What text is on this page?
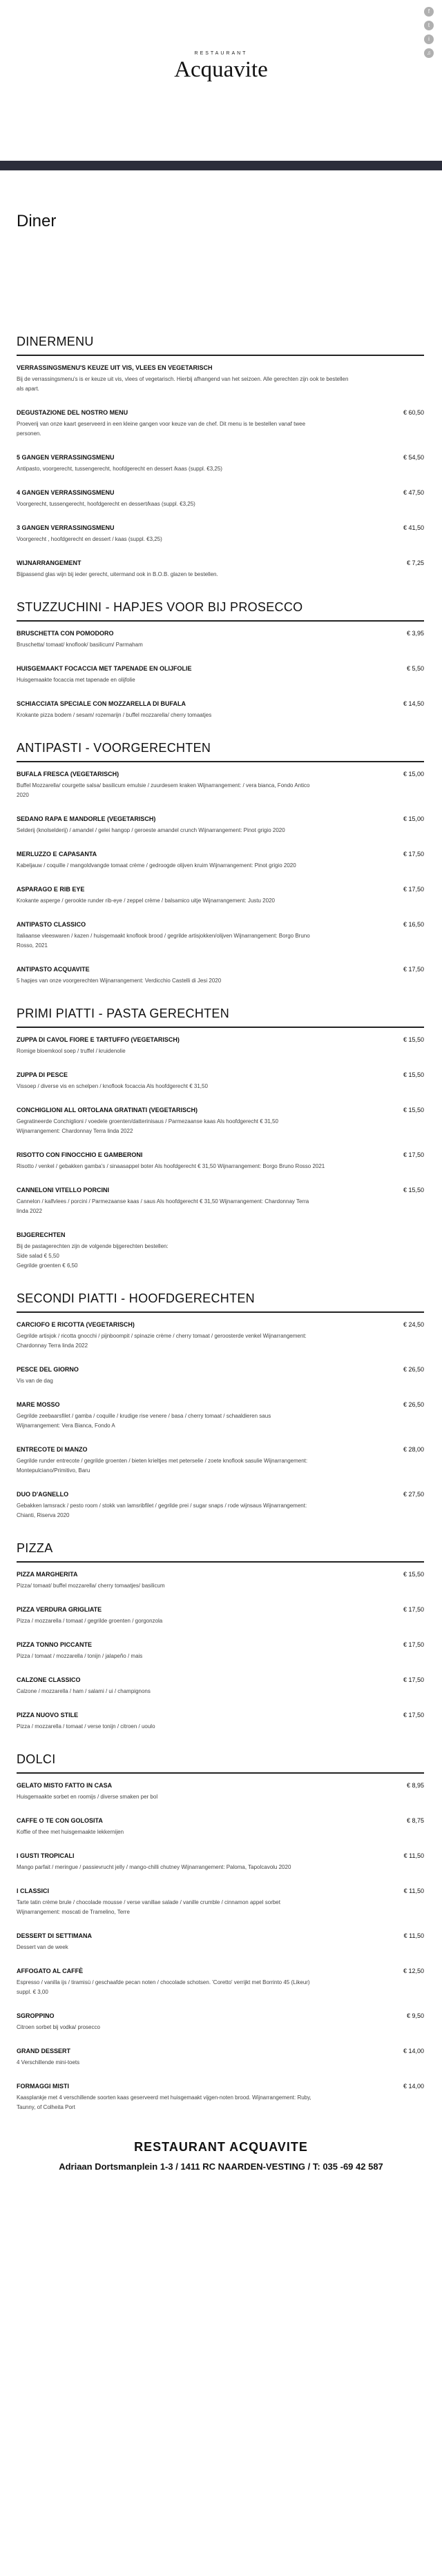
f
t
i
♫
RESTAURANT
Acquavite
Diner
DINERMENU
VERRASSINGSMENU'S KEUZE UIT VIS, VLEES EN VEGETARISCH
Bij de verrassingsmenu's is er keuze uit vis, vlees of vegetarisch. Hierbij afhangend van het seizoen. Alle gerechten zijn ook te bestellen
als apart.
DEGUSTAZIONE DEL NOSTRO MENU	€ 60,50
Proeverij van onze kaart geserveerd in een kleine gangen voor keuze van de chef. Dit menu is te bestellen vanaf twee
personen.
5 GANGEN VERRASSINGSMENU	€ 54,50
Antipasto, voorgerecht, tussengerecht, hoofdgerecht en dessert /kaas (suppl. €3,25)
4 GANGEN VERRASSINGSMENU	€ 47,50
Voorgerecht, tussengerecht, hoofdgerecht en dessert/kaas (suppl. €3,25)
3 GANGEN VERRASSINGSMENU	€ 41,50
Voorgerecht , hoofdgerecht en dessert / kaas (suppl. €3,25)
WIJNARRANGEMENT	€ 7,25
Bijpassend glas wijn bij ieder gerecht, uitermand ook in B.O.B. glazen te bestellen.
STUZZUCHINI - HAPJES VOOR BIJ PROSECCO
BRUSCHETTA CON POMODORO	€ 3,95
Bruschetta/ tomaat/ knoflook/ basilicum/ Parmaham
HUISGEMAAKT FOCACCIA MET TAPENADE EN OLIJFOLIE	€ 5,50
Huisgemaakte focaccia met tapenade en olijfolie
SCHIACCIATA SPECIALE CON MOZZARELLA DI BUFALA	€ 14,50
Krokante pizza bodem / sesam/ rozemarijn / buffel mozzarella/ cherry tomaatjes
ANTIPASTI - VOORGERECHTEN
BUFALA FRESCA (VEGETARISCH)	€ 15,00
Buffel Mozzarella/ courgette salsa/ basilicum emulsie / zuurdesem kraken Wijnarrangement: / vera bianca, Fondo Antico
2020
SEDANO RAPA E MANDORLE (VEGETARISCH)	€ 15,00
Selderij (knolselderij) / amandel / gelei hangop / geroeste amandel crunch Wijnarrangement: Pinot grigio 2020
MERLUZZO E CAPASANTA	€ 17,50
Kabeljauw / coquille / mangoldvangde tomaat crème / gedroogde olijven kruim Wijnarrangement: Pinot grigio 2020
ASPARAGO E RIB EYE	€ 17,50
Krokante asperge / gerookte runder rib-eye / zeppel crème / balsamico uitje Wijnarrangement: Justu 2020
ANTIPASTO CLASSICO	€ 16,50
Italiaanse vleeswaren / kazen / huisgemaakt knoflook brood / gegrilde artisjokken/olijven Wijnarrangement: Borgo Bruno
Rosso, 2021
ANTIPASTO ACQUAVITE	€ 17,50
5 hapjes van onze voorgerechten Wijnarrangement: Verdicchio Castelli di Jesi 2020
PRIMI PIATTI - PASTA GERECHTEN
ZUPPA DI CAVOL FIORE E TARTUFFO (VEGETARISCH)	€ 15,50
Romige bloemkool soep / truffel / kruidenolie
ZUPPA DI PESCE	€ 15,50
Vissoep / diverse vis en schelpen / knoflook focaccia Als hoofdgerecht € 31,50
CONCHIGLIONI ALL ORTOLANA GRATINATI (VEGETARISCH)	€ 15,50
Gegratineerde Conchiglioni / voedele groenten/datterinisaus / Parmezaanse kaas Als hoofdgerecht € 31,50
Wijnarrangement: Chardonnay Terra linda 2022
RISOTTO CON FINOCCHIO E GAMBERONI	€ 17,50
Risotto / venkel / gebakken gamba's / sinaasappel boter Als hoofdgerecht € 31,50 Wijnarrangement: Borgo Bruno Rosso 2021
CANNELONI VITELLO PORCINI	€ 15,50
Cannelon / kalfvlees / porcini / Parmezaanse kaas / saus Als hoofdgerecht € 31,50 Wijnarrangement: Chardonnay Terra
linda 2022
BIJGERECHTEN
Bij de pastagerechten zijn de volgende bijgerechten bestellen:
Side salad € 5,50
Gegrilde groenten € 6,50
SECONDI PIATTI - HOOFDGERECHTEN
CARCIOFO E RICOTTA (VEGETARISCH)	€ 24,50
Gegrilde artisjok / ricotta gnocchi / pijnboompit / spinazie crème / cherry tomaat / geroosterde venkel Wijnarrangement:
Chardonnay Terra linda 2022
PESCE DEL GIORNO	€ 26,50
Vis van de dag
MARE MOSSO	€ 26,50
Gegrilde zeebaarsfilet / gamba / coquille / krudige rise venere / basa / cherry tomaat / schaaldieren saus
Wijnarrangement: Vera Bianca, Fondo A
ENTRECOTE DI MANZO	€ 28,00
Gegrilde runder entrecote / gegrilde groenten / bieten krieltjes met peterselie / zoete knoflook sasulie Wijnarrangement:
Montepulciano/Primitivo, Baru
DUO D'AGNELLO	€ 27,50
Gebakken lamsrack / pesto room / stokk van lamsribfilet / gegrilde prei / sugar snaps / rode wijnsaus Wijnarrangement:
Chianti, Riserva 2020
PIZZA
PIZZA MARGHERITA	€ 15,50
Pizza/ tomaat/ buffel mozzarella/ cherry tomaatjes/ basilicum
PIZZA VERDURA GRIGLIATE	€ 17,50
Pizza / mozzarella / tomaat / gegrilde groenten / gorgonzola
PIZZA TONNO PICCANTE	€ 17,50
Pizza / tomaat / mozzarella / tonijn / jalapeño / mais
CALZONE CLASSICO	€ 17,50
Calzone / mozzarella / ham / salami / ui / champignons
PIZZA NUOVO STILE	€ 17,50
Pizza / mozzarella / tomaat / verse tonijn / citroen / uoulo
DOLCI
GELATO MISTO FATTO IN CASA	€ 8,95
Huisgemaakte sorbet en roomijs / diverse smaken per bol
CAFFE O TE CON GOLOSITA	€ 8,75
Koffie of thee met huisgemaakte lekkernijen
I GUSTI TROPICALI	€ 11,50
Mango parfait / meringue / passievrucht jelly / mango-chilli chutney Wijnarrangement: Paloma, Tapolcavolu 2020
I CLASSICI	€ 11,50
Tarte tatin crème brule / chocolade mousse / verse vanillae salade / vanille crumble / cinnamon appel sorbet
Wijnarrangement: moscati de Tramelino, Terre
DESSERT DI SETTIMANA	€ 11,50
Dessert van de week
AFFOGATO AL CAFFÈ	€ 12,50
Espresso / vanilla ijs / tiramisù / geschaafde pecan noten / chocolade schotsen. 'Coretto' verrijkt met Borrinto 45 (Likeur)
suppl. € 3,00
SGROPPINO	€ 9,50
Citroen sorbet bij vodka/ prosecco
GRAND DESSERT	€ 14,00
4 Verschillende mini-toets
FORMAGGI MISTI	€ 14,00
Kaasplankje met 4 verschillende soorten kaas geserveerd met huisgemaakt vijgen-noten brood. Wijnarrangement: Ruby,
Taunny, of Colheita Port
RESTAURANT ACQUAVITE
Adriaan Dortsmanplein 1-3 / 1411 RC NAARDEN-VESTING / T: 035 -69 42 587
